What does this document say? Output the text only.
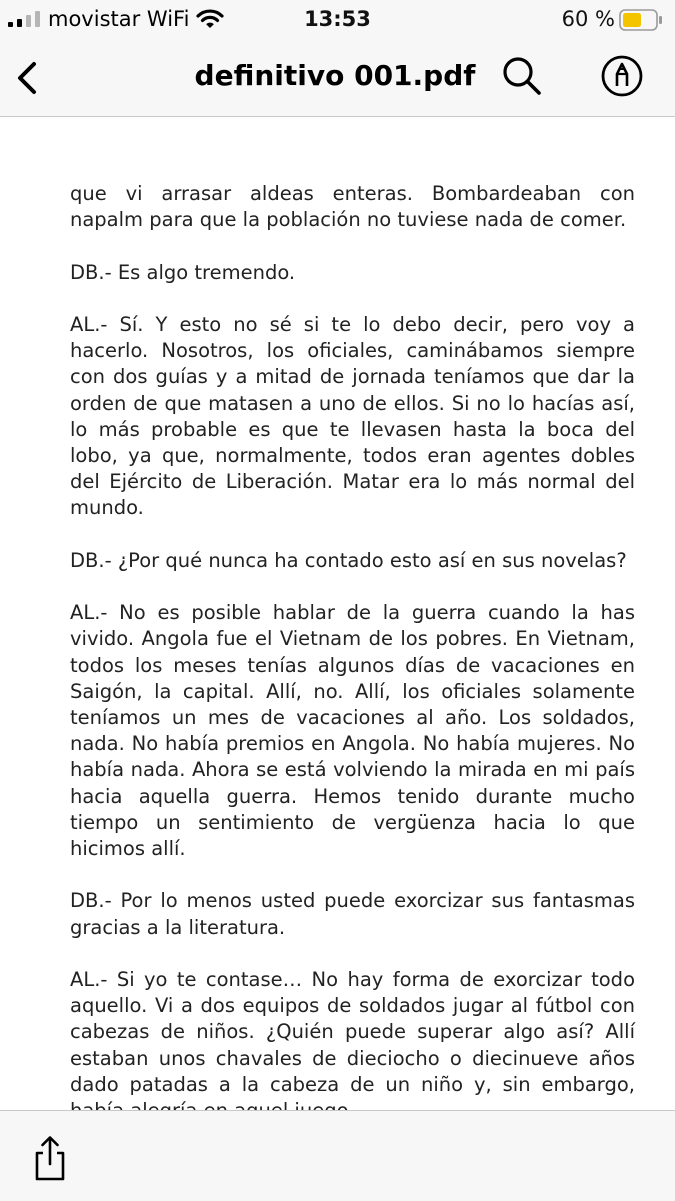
movistar WiFi	13:53	60 %
definitivo 001.pdf

que vi arrasar aldeas enteras. Bombardeaban con napalm para que la población no tuviese nada de comer.

DB.- Es algo tremendo.

AL.- Sí. Y esto no sé si te lo debo decir, pero voy a hacerlo. Nosotros, los oficiales, caminábamos siempre con dos guías y a mitad de jornada teníamos que dar la orden de que matasen a uno de ellos. Si no lo hacías así, lo más probable es que te llevasen hasta la boca del lobo, ya que, normalmente, todos eran agentes dobles del Ejército de Liberación. Matar era lo más normal del mundo.

DB.- ¿Por qué nunca ha contado esto así en sus novelas?

AL.- No es posible hablar de la guerra cuando la has vivido. Angola fue el Vietnam de los pobres. En Vietnam, todos los meses tenías algunos días de vacaciones en Saigón, la capital. Allí, no. Allí, los oficiales solamente teníamos un mes de vacaciones al año. Los soldados, nada. No había premios en Angola. No había mujeres. No había nada. Ahora se está volviendo la mirada en mi país hacia aquella guerra. Hemos tenido durante mucho tiempo un sentimiento de vergüenza hacia lo que hicimos allí.

DB.- Por lo menos usted puede exorcizar sus fantasmas gracias a la literatura.

AL.- Si yo te contase… No hay forma de exorcizar todo aquello. Vi a dos equipos de soldados jugar al fútbol con cabezas de niños. ¿Quién puede superar algo así? Allí estaban unos chavales de dieciocho o diecinueve años dado patadas a la cabeza de un niño y, sin embargo,
